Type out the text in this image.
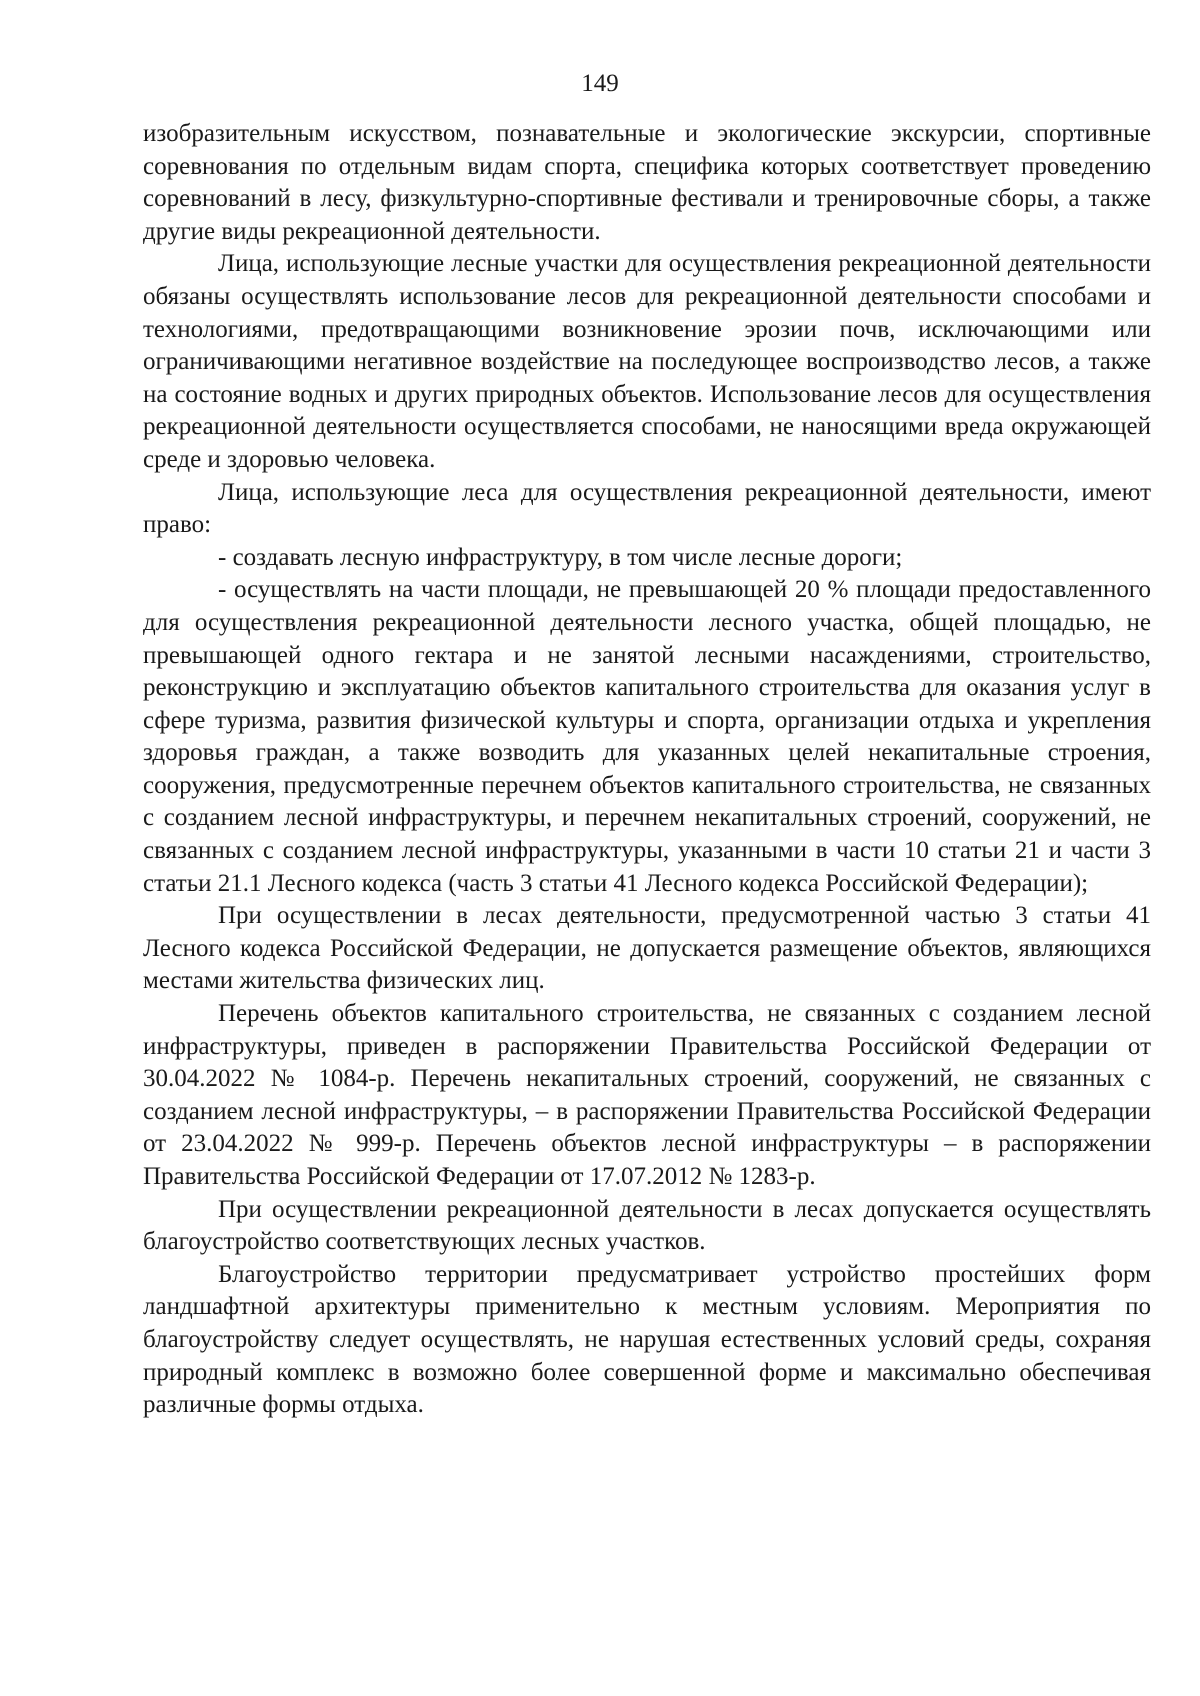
149

изобразительным искусством, познавательные и экологические экскурсии, спортивные соревнования по отдельным видам спорта, специфика которых соответствует проведению соревнований в лесу, физкультурно-спортивные фестивали и тренировочные сборы, а также другие виды рекреационной деятельности.

Лица, использующие лесные участки для осуществления рекреационной деятельности обязаны осуществлять использование лесов для рекреационной деятельности способами и технологиями, предотвращающими возникновение эрозии почв, исключающими или ограничивающими негативное воздействие на последующее воспроизводство лесов, а также на состояние водных и других природных объектов. Использование лесов для осуществления рекреационной деятельности осуществляется способами, не наносящими вреда окружающей среде и здоровью человека.

Лица, использующие леса для осуществления рекреационной деятельности, имеют право:

- создавать лесную инфраструктуру, в том числе лесные дороги;

- осуществлять на части площади, не превышающей 20 % площади предоставленного для осуществления рекреационной деятельности лесного участка, общей площадью, не превышающей одного гектара и не занятой лесными насаждениями, строительство, реконструкцию и эксплуатацию объектов капитального строительства для оказания услуг в сфере туризма, развития физической культуры и спорта, организации отдыха и укрепления здоровья граждан, а также возводить для указанных целей некапитальные строения, сооружения, предусмотренные перечнем объектов капитального строительства, не связанных с созданием лесной инфраструктуры, и перечнем некапитальных строений, сооружений, не связанных с созданием лесной инфраструктуры, указанными в части 10 статьи 21 и части 3 статьи 21.1 Лесного кодекса (часть 3 статьи 41 Лесного кодекса Российской Федерации);

При осуществлении в лесах деятельности, предусмотренной частью 3 статьи 41 Лесного кодекса Российской Федерации, не допускается размещение объектов, являющихся местами жительства физических лиц.

Перечень объектов капитального строительства, не связанных с созданием лесной инфраструктуры, приведен в распоряжении Правительства Российской Федерации от 30.04.2022 № 1084-р. Перечень некапитальных строений, сооружений, не связанных с созданием лесной инфраструктуры, – в распоряжении Правительства Российской Федерации от 23.04.2022 № 999-р. Перечень объектов лесной инфраструктуры – в распоряжении Правительства Российской Федерации от 17.07.2012 № 1283-р.

При осуществлении рекреационной деятельности в лесах допускается осуществлять благоустройство соответствующих лесных участков.

Благоустройство территории предусматривает устройство простейших форм ландшафтной архитектуры применительно к местным условиям. Мероприятия по благоустройству следует осуществлять, не нарушая естественных условий среды, сохраняя природный комплекс в возможно более совершенной форме и максимально обеспечивая различные формы отдыха.
